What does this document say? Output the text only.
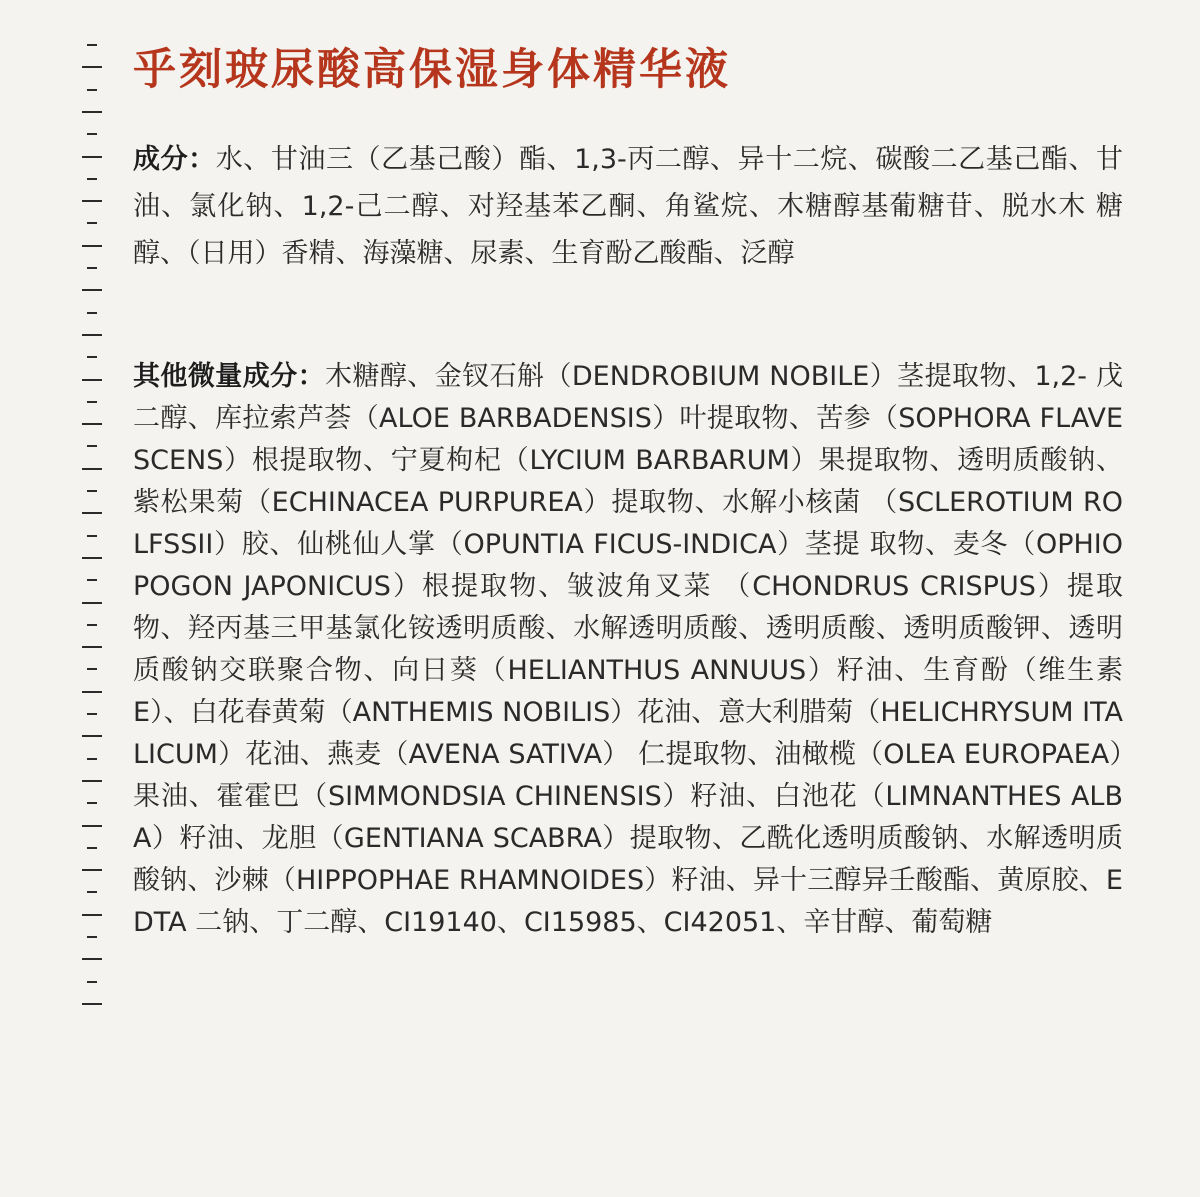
乎刻玻尿酸高保湿身体精华液

成分：水、甘油三（乙基己酸）酯、1,3-丙二醇、异十二烷、碳酸二乙基己酯、甘油、氯化钠、1,2-己二醇、对羟基苯乙酮、角鲨烷、木糖醇基葡糖苷、脱水木 糖醇、（日用）香精、海藻糖、尿素、生育酚乙酸酯、泛醇

其他微量成分：木糖醇、金钗石斛（DENDROBIUM NOBILE）茎提取物、1,2- 戊二醇、库拉索芦荟（ALOE BARBADENSIS）叶提取物、苦参（SOPHORA FLAVESCENS）根提取物、宁夏枸杞（LYCIUM BARBARUM）果提取物、透明质酸钠、紫松果菊（ECHINACEA PURPUREA）提取物、水解小核菌 （SCLEROTIUM ROLFSSII）胶、仙桃仙人掌（OPUNTIA FICUS-INDICA）茎提 取物、麦冬（OPHIOPOGON JAPONICUS）根提取物、皱波角叉菜 （CHONDRUS CRISPUS）提取物、羟丙基三甲基氯化铵透明质酸、水解透明质酸、透明质酸、透明质酸钾、透明质酸钠交联聚合物、向日葵（HELIANTHUS ANNUUS）籽油、生育酚（维生素E）、白花春黄菊（ANTHEMIS NOBILIS）花油、意大利腊菊（HELICHRYSUM ITALICUM）花油、燕麦（AVENA SATIVA） 仁提取物、油橄榄（OLEA EUROPAEA）果油、霍霍巴（SIMMONDSIA CHINENSIS）籽油、白池花（LIMNANTHES ALBA）籽油、龙胆（GENTIANA SCABRA）提取物、乙酰化透明质酸钠、水解透明质酸钠、沙棘（HIPPOPHAE RHAMNOIDES）籽油、异十三醇异壬酸酯、黄原胶、EDTA 二钠、丁二醇、CI19140、CI15985、CI42051、辛甘醇、葡萄糖
